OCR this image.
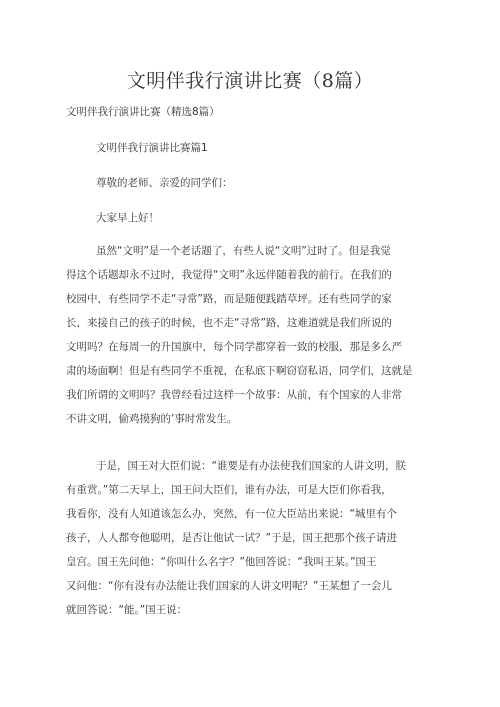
文明伴我行演讲比赛（8篇）
文明伴我行演讲比赛（精选8篇）
文明伴我行演讲比赛篇1
尊敬的老师、亲爱的同学们：
大家早上好！
虽然“文明”是一个老话题了，有些人说“文明”过时了。但是我觉
得这个话题却永不过时，我觉得“文明”永远伴随着我的前行。在我们的
校园中，有些同学不走“寻常”路，而是随便践踏草坪。还有些同学的家
长，来接自己的孩子的时候，也不走“寻常”路，这难道就是我们所说的
文明吗？在每周一的升国旗中，每个同学都穿着一致的校服，那是多么严
肃的场面啊！但是有些同学不重视，在私底下啊窃窃私语，同学们，这就是
我们所谓的文明吗？我曾经看过这样一个故事：从前，有个国家的人非常
不讲文明，偷鸡摸狗的’事时常发生。
于是，国王对大臣们说：“谁要是有办法使我们国家的人讲文明，朕
有重赏。”第二天早上，国王问大臣们，谁有办法，可是大臣们你看我，
我看你，没有人知道该怎么办，突然，有一位大臣站出来说：“城里有个
孩子，人人都夸他聪明，是否让他试一试？”于是，国王把那个孩子请进
皇宫。国王先问他：“你叫什么名字？”他回答说：“我叫王某。”国王
又问他：“你有没有办法能让我们国家的人讲文明呢？”王某想了一会儿
就回答说：“能。”国王说：
